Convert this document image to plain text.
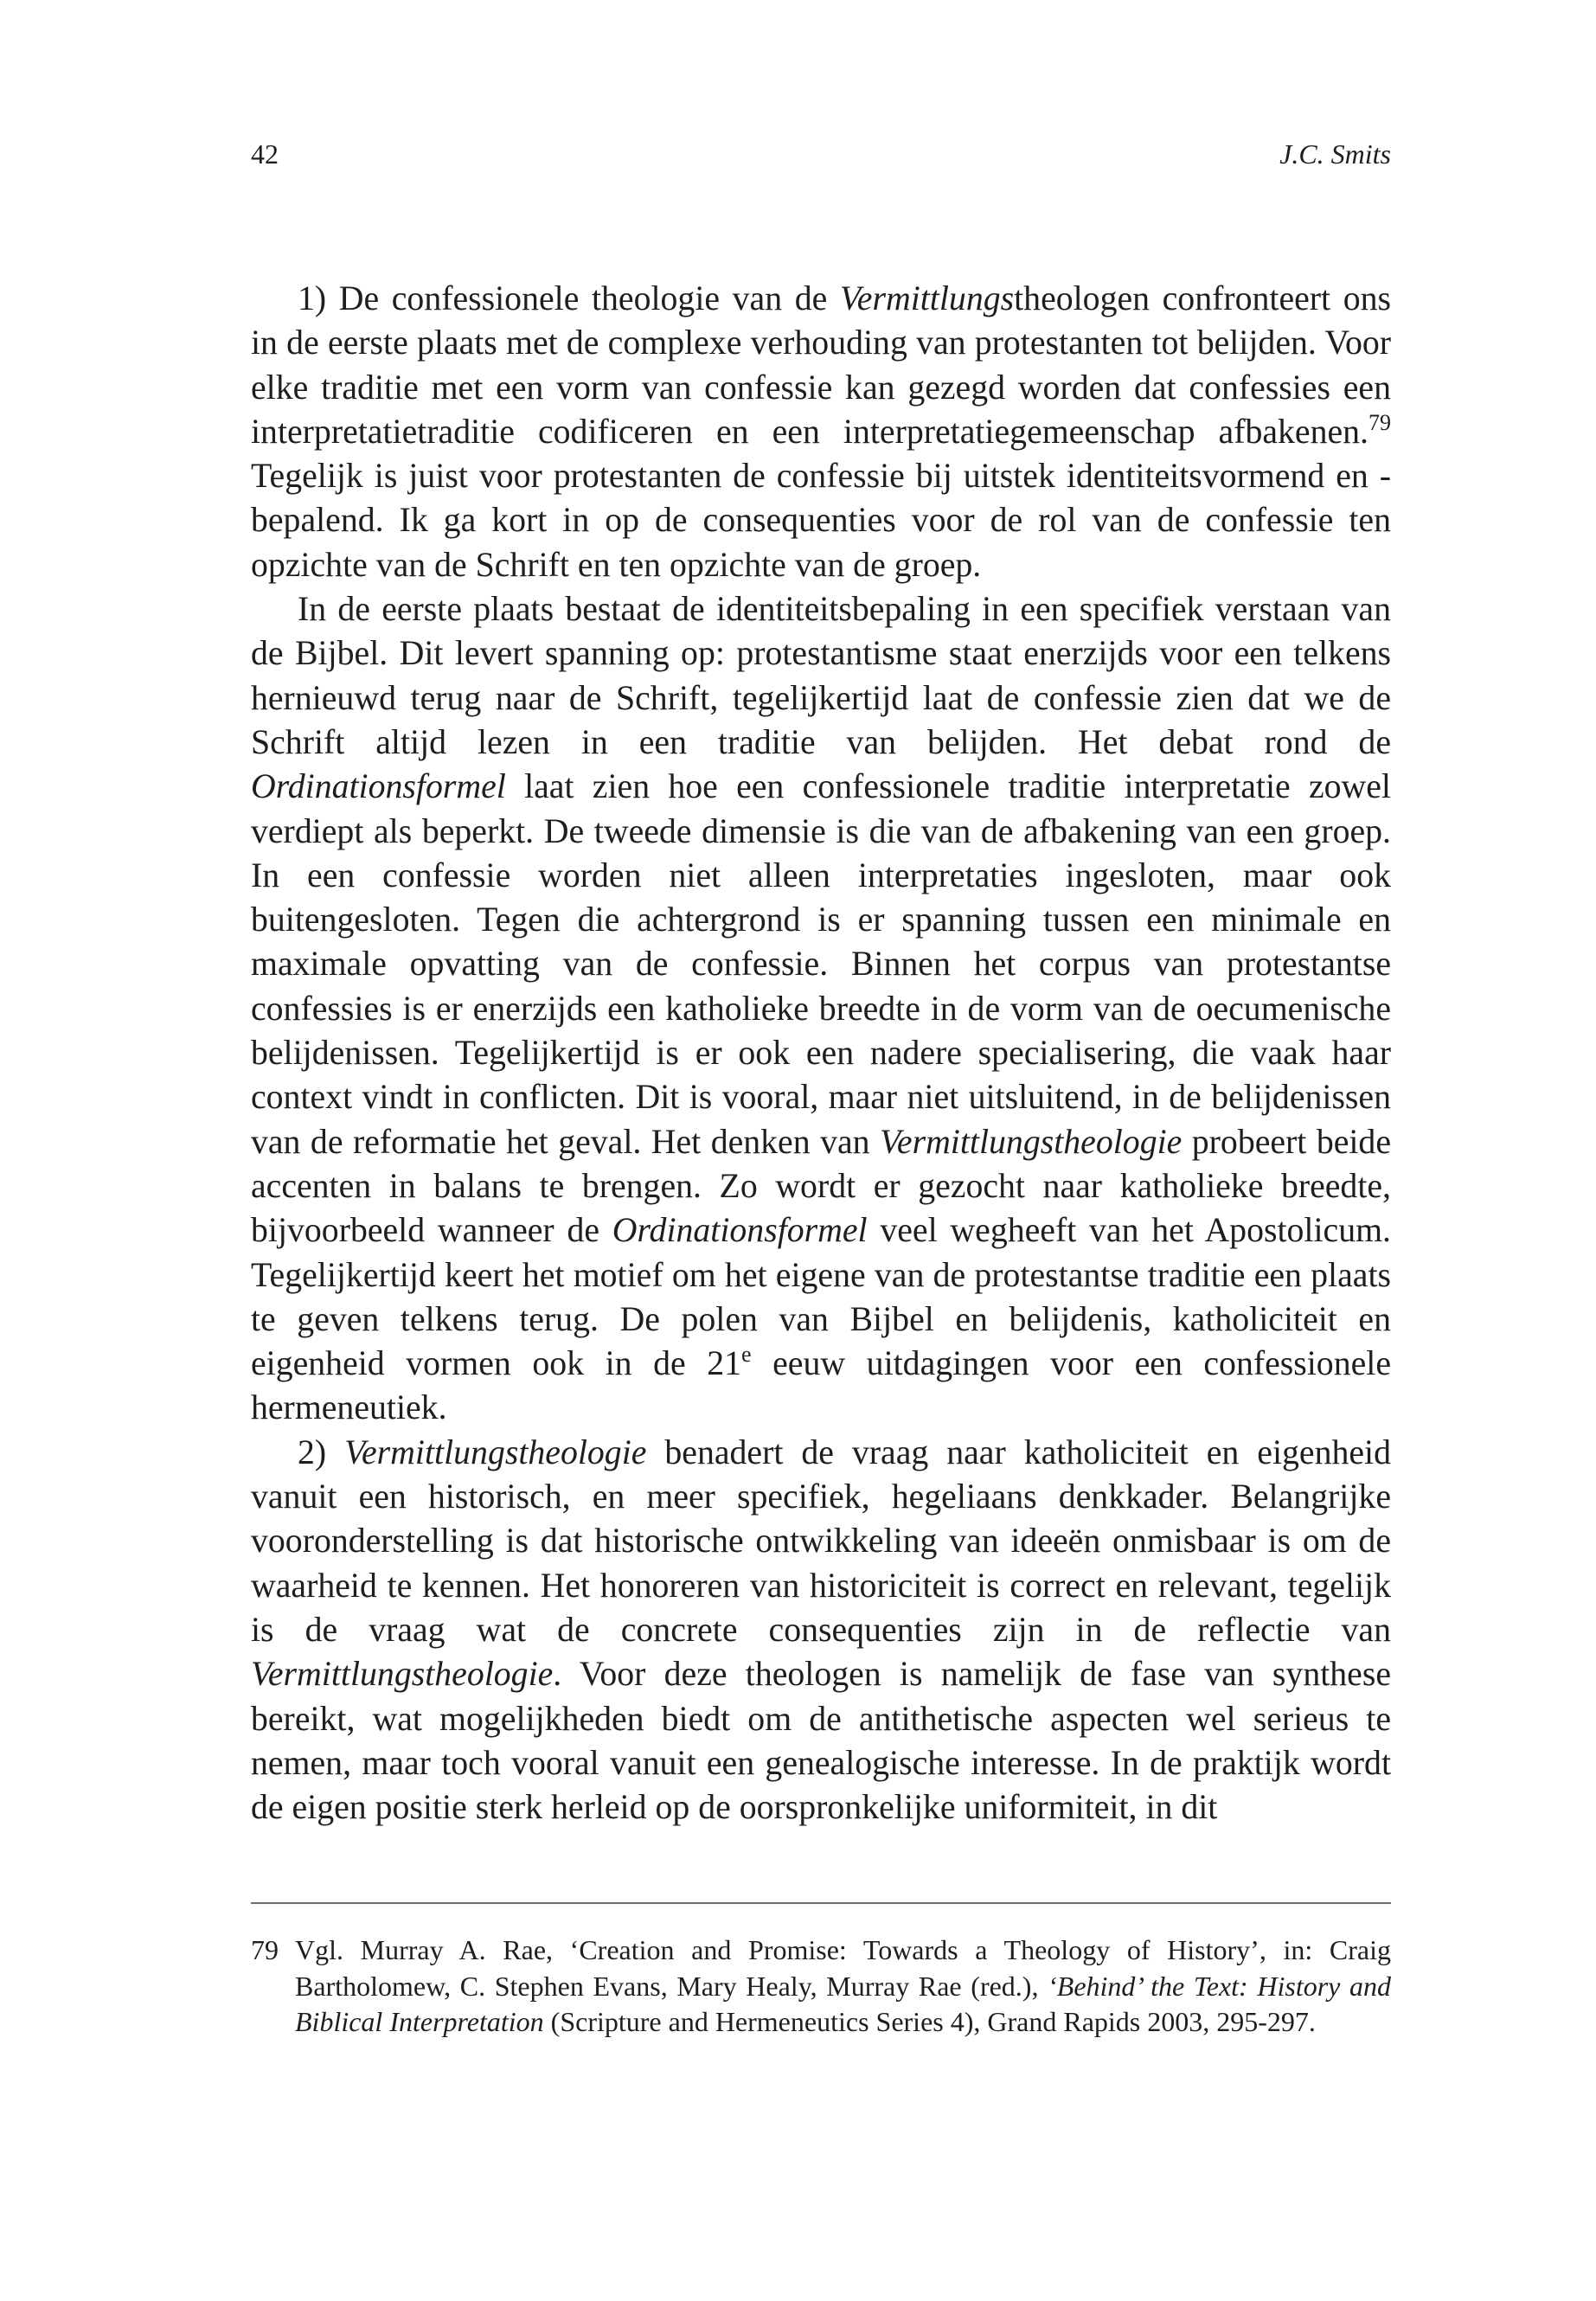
42	J.C. Smits

1) De confessionele theologie van de Vermittlungstheologen confronteert ons in de eerste plaats met de complexe verhouding van protestanten tot belijden. Voor elke traditie met een vorm van confessie kan gezegd worden dat confessies een interpretatietraditie codificeren en een interpretatiegemeenschap afbakenen.$^{79}$ Tegelijk is juist voor protestanten de confessie bij uitstek identiteitsvormend en -bepalend. Ik ga kort in op de consequenties voor de rol van de confessie ten opzichte van de Schrift en ten opzichte van de groep.

In de eerste plaats bestaat de identiteitsbepaling in een specifiek verstaan van de Bijbel. Dit levert spanning op: protestantisme staat enerzijds voor een telkens hernieuwd terug naar de Schrift, tegelijkertijd laat de confessie zien dat we de Schrift altijd lezen in een traditie van belijden. Het debat rond de Ordinationsformel laat zien hoe een confessionele traditie interpretatie zowel verdiept als beperkt. De tweede dimensie is die van de afbakening van een groep. In een confessie worden niet alleen interpretaties ingesloten, maar ook buitengesloten. Tegen die achtergrond is er spanning tussen een minimale en maximale opvatting van de confessie. Binnen het corpus van protestantse confessies is er enerzijds een katholieke breedte in de vorm van de oecumenische belijdenissen. Tegelijkertijd is er ook een nadere specialisering, die vaak haar context vindt in conflicten. Dit is vooral, maar niet uitsluitend, in de belijdenissen van de reformatie het geval. Het denken van Vermittlungstheologie probeert beide accenten in balans te brengen. Zo wordt er gezocht naar katholieke breedte, bijvoorbeeld wanneer de Ordinationsformel veel wegheeft van het Apostolicum. Tegelijkertijd keert het motief om het eigene van de protestantse traditie een plaats te geven telkens terug. De polen van Bijbel en belijdenis, katholiciteit en eigenheid vormen ook in de 21e eeuw uitdagingen voor een confessionele hermeneutiek.

2) Vermittlungstheologie benadert de vraag naar katholiciteit en eigenheid vanuit een historisch, en meer specifiek, hegeliaans denkkader. Belangrijke vooronderstelling is dat historische ontwikkeling van ideeën onmisbaar is om de waarheid te kennen. Het honoreren van historiciteit is correct en relevant, tegelijk is de vraag wat de concrete consequenties zijn in de reflectie van Vermittlungstheologie. Voor deze theologen is namelijk de fase van synthese bereikt, wat mogelijkheden biedt om de antithetische aspecten wel serieus te nemen, maar toch vooral vanuit een genealogische interesse. In de praktijk wordt de eigen positie sterk herleid op de oorspronkelijke uniformiteit, in dit

79 Vgl. Murray A. Rae, ‘Creation and Promise: Towards a Theology of History’, in: Craig Bartholomew, C. Stephen Evans, Mary Healy, Murray Rae (red.), ‘Behind’ the Text: History and Biblical Interpretation (Scripture and Hermeneutics Series 4), Grand Rapids 2003, 295-297.
